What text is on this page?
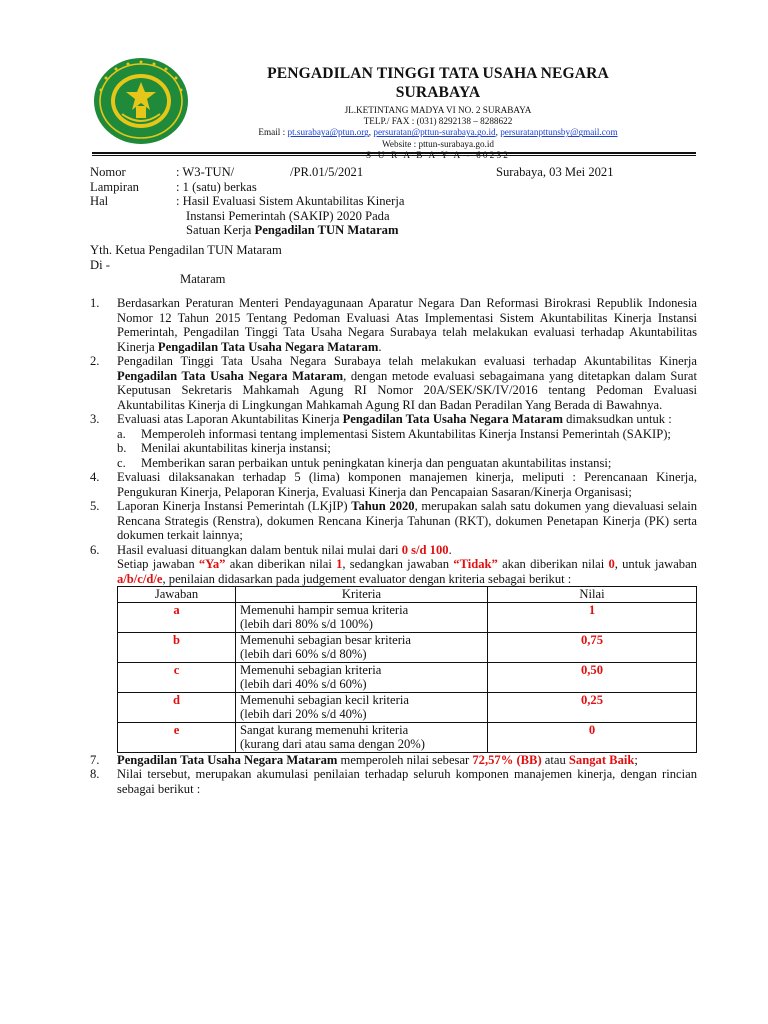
PENGADILAN TINGGI TATA USAHA NEGARA
SURABAYA
JL.KETINTANG MADYA VI NO. 2 SURABAYA
TELP./ FAX : (031) 8292138 – 8288622
Email : pt.surabaya@ptun.org, persuratan@pttun-surabaya.go.id, persuratanpttunsby@gmail.com
Website : pttun-surabaya.go.id
S U R A B A Y A - 60232
Nomor	: W3-TUN/	/PR.01/5/2021	Surabaya, 03 Mei 2021
Lampiran	: 1 (satu) berkas
Hal	: Hasil Evaluasi Sistem Akuntabilitas Kinerja
Instansi Pemerintah (SAKIP) 2020 Pada
Satuan Kerja Pengadilan TUN Mataram
Yth. Ketua Pengadilan TUN Mataram
Di -
Mataram
1. Berdasarkan Peraturan Menteri Pendayagunaan Aparatur Negara Dan Reformasi Birokrasi Republik Indonesia Nomor 12 Tahun 2015 Tentang Pedoman Evaluasi Atas Implementasi Sistem Akuntabilitas Kinerja Instansi Pemerintah, Pengadilan Tinggi Tata Usaha Negara Surabaya telah melakukan evaluasi terhadap Akuntabilitas Kinerja Pengadilan Tata Usaha Negara Mataram.
2. Pengadilan Tinggi Tata Usaha Negara Surabaya telah melakukan evaluasi terhadap Akuntabilitas Kinerja Pengadilan Tata Usaha Negara Mataram, dengan metode evaluasi sebagaimana yang ditetapkan dalam Surat Keputusan Sekretaris Mahkamah Agung RI Nomor 20A/SEK/SK/IV/2016 tentang Pedoman Evaluasi Akuntabilitas Kinerja di Lingkungan Mahkamah Agung RI dan Badan Peradilan Yang Berada di Bawahnya.
3. Evaluasi atas Laporan Akuntabilitas Kinerja Pengadilan Tata Usaha Negara Mataram dimaksudkan untuk :
a. Memperoleh informasi tentang implementasi Sistem Akuntabilitas Kinerja Instansi Pemerintah (SAKIP);
b. Menilai akuntabilitas kinerja instansi;
c. Memberikan saran perbaikan untuk peningkatan kinerja dan penguatan akuntabilitas instansi;
4. Evaluasi dilaksanakan terhadap 5 (lima) komponen manajemen kinerja, meliputi : Perencanaan Kinerja, Pengukuran Kinerja, Pelaporan Kinerja, Evaluasi Kinerja dan Pencapaian Sasaran/Kinerja Organisasi;
5. Laporan Kinerja Instansi Pemerintah (LKjIP) Tahun 2020, merupakan salah satu dokumen yang dievaluasi selain Rencana Strategis (Renstra), dokumen Rencana Kinerja Tahunan (RKT), dokumen Penetapan Kinerja (PK) serta dokumen terkait lainnya;
6. Hasil evaluasi dituangkan dalam bentuk nilai mulai dari 0 s/d 100.
Setiap jawaban “Ya” akan diberikan nilai 1, sedangkan jawaban “Tidak” akan diberikan nilai 0, untuk jawaban a/b/c/d/e, penilaian didasarkan pada judgement evaluator dengan kriteria sebagai berikut :
Jawaban	Kriteria	Nilai
a	Memenuhi hampir semua kriteria
(lebih dari 80% s/d 100%)	1
b	Memenuhi sebagian besar kriteria
(lebih dari 60% s/d 80%)	0,75
c	Memenuhi sebagian kriteria
(lebih dari 40% s/d 60%)	0,50
d	Memenuhi sebagian kecil kriteria
(lebih dari 20% s/d 40%)	0,25
e	Sangat kurang memenuhi kriteria
(kurang dari atau sama dengan 20%)	0
7. Pengadilan Tata Usaha Negara Mataram memperoleh nilai sebesar 72,57% (BB) atau Sangat Baik;
8. Nilai tersebut, merupakan akumulasi penilaian terhadap seluruh komponen manajemen kinerja, dengan rincian sebagai berikut :
